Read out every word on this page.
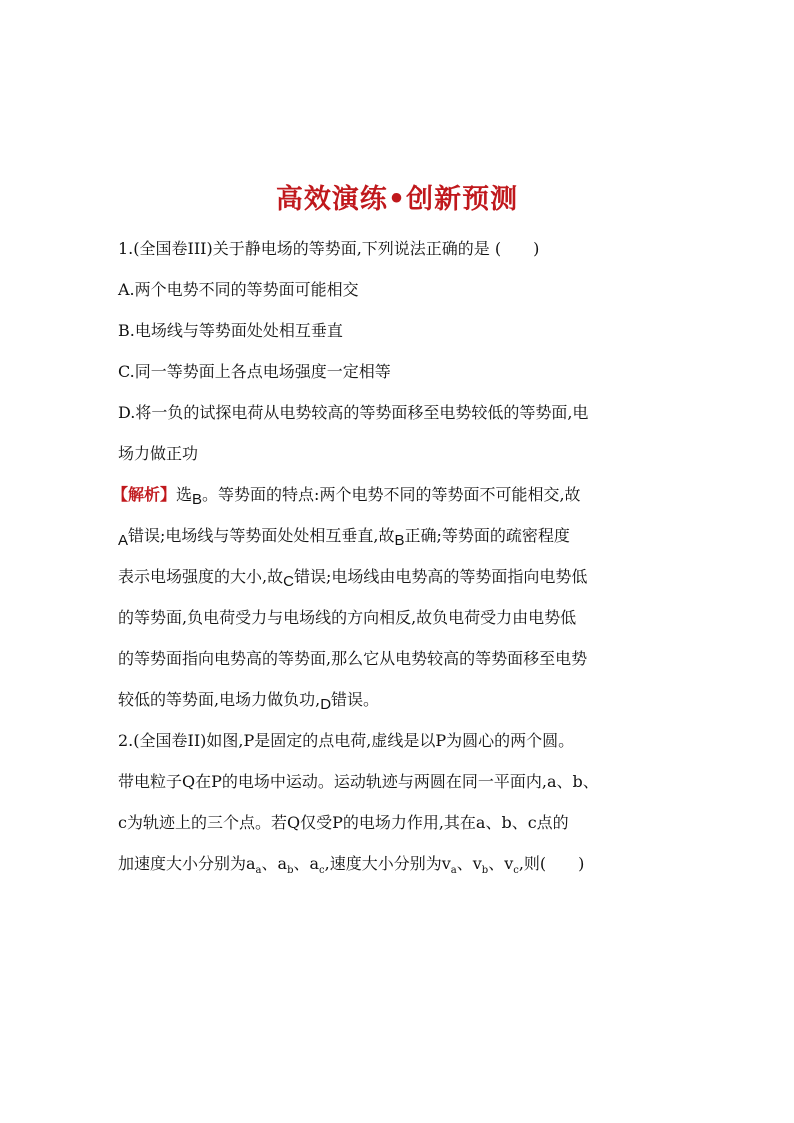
高效演练•创新预测
1.(全国卷III)关于静电场的等势面,下列说法正确的是 (　　)
A.两个电势不同的等势面可能相交
B.电场线与等势面处处相互垂直
C.同一等势面上各点电场强度一定相等
D.将一负的试探电荷从电势较高的等势面移至电势较低的等势面,电
场力做正功
【解析】选B。等势面的特点:两个电势不同的等势面不可能相交,故
A错误;电场线与等势面处处相互垂直,故B正确;等势面的疏密程度
表示电场强度的大小,故C错误;电场线由电势高的等势面指向电势低
的等势面,负电荷受力与电场线的方向相反,故负电荷受力由电势低
的等势面指向电势高的等势面,那么它从电势较高的等势面移至电势
较低的等势面,电场力做负功,D错误。
2.(全国卷II)如图,P是固定的点电荷,虚线是以P为圆心的两个圆。
带电粒子Q在P的电场中运动。运动轨迹与两圆在同一平面内,a、b、
c为轨迹上的三个点。若Q仅受P的电场力作用,其在a、b、c点的
加速度大小分别为$a_a$、$a_b$、$a_c$,速度大小分别为$v_a$、$v_b$、$v_c$,则(　　)
